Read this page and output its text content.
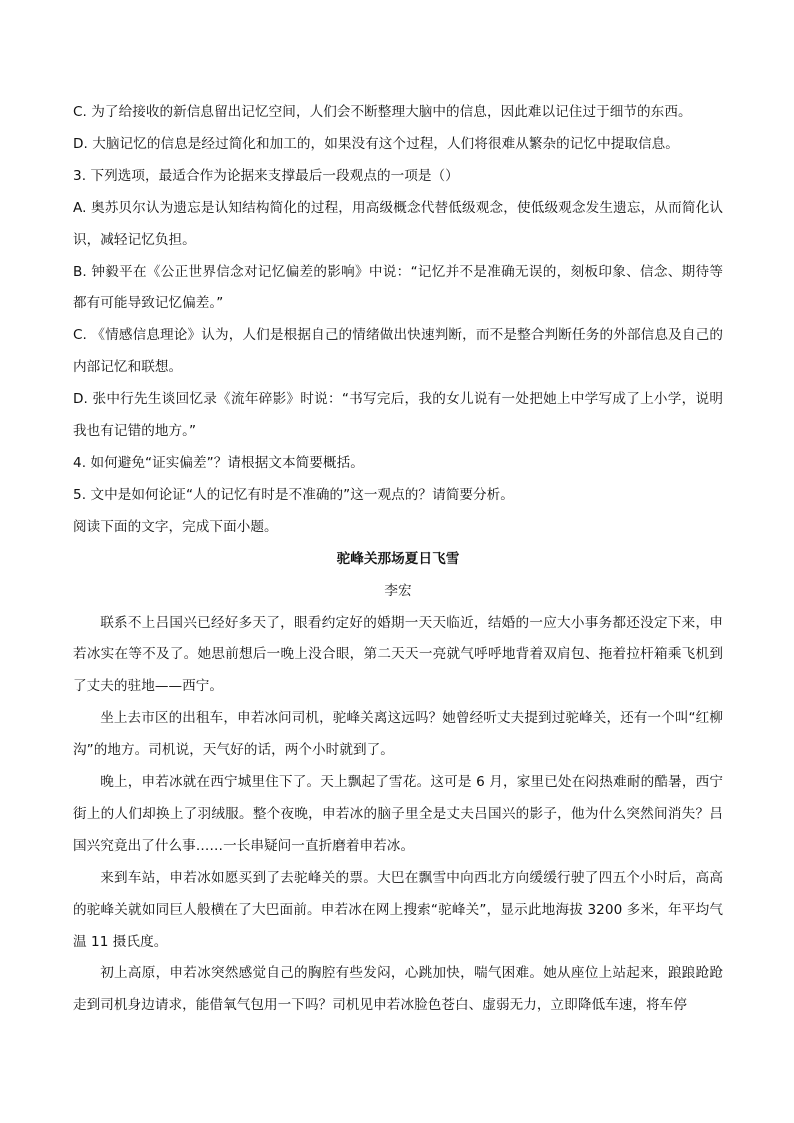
C. 为了给接收的新信息留出记忆空间，人们会不断整理大脑中的信息，因此难以记住过于细节的东西。

D. 大脑记忆的信息是经过简化和加工的，如果没有这个过程，人们将很难从繁杂的记忆中提取信息。

3. 下列选项，最适合作为论据来支撑最后一段观点的一项是（）

A. 奥苏贝尔认为遗忘是认知结构简化的过程，用高级概念代替低级观念，使低级观念发生遗忘，从而简化认识，减轻记忆负担。

B. 钟毅平在《公正世界信念对记忆偏差的影响》中说：“记忆并不是准确无误的，刻板印象、信念、期待等都有可能导致记忆偏差。”

C. 《情感信息理论》认为，人们是根据自己的情绪做出快速判断，而不是整合判断任务的外部信息及自己的内部记忆和联想。

D. 张中行先生谈回忆录《流年碎影》时说：“书写完后，我的女儿说有一处把她上中学写成了上小学，说明我也有记错的地方。”

4. 如何避免“证实偏差”？请根据文本简要概括。

5. 文中是如何论证“人的记忆有时是不准确的”这一观点的？请简要分析。

阅读下面的文字，完成下面小题。

驼峰关那场夏日飞雪

李宏

联系不上吕国兴已经好多天了，眼看约定好的婚期一天天临近，结婚的一应大小事务都还没定下来，申若冰实在等不及了。她思前想后一晚上没合眼，第二天天一亮就气呼呼地背着双肩包、拖着拉杆箱乘飞机到了丈夫的驻地——西宁。

坐上去市区的出租车，申若冰问司机，驼峰关离这远吗？她曾经听丈夫提到过驼峰关，还有一个叫“红柳沟”的地方。司机说，天气好的话，两个小时就到了。

晚上，申若冰就在西宁城里住下了。天上飘起了雪花。这可是 6 月，家里已处在闷热难耐的酷暑，西宁街上的人们却换上了羽绒服。整个夜晚，申若冰的脑子里全是丈夫吕国兴的影子，他为什么突然间消失？吕国兴究竟出了什么事……一长串疑问一直折磨着申若冰。

来到车站，申若冰如愿买到了去驼峰关的票。大巴在飘雪中向西北方向缓缓行驶了四五个小时后，高高的驼峰关就如同巨人般横在了大巴面前。申若冰在网上搜索“驼峰关”，显示此地海拔 3200 多米，年平均气温 11 摄氏度。

初上高原，申若冰突然感觉自己的胸腔有些发闷，心跳加快，喘气困难。她从座位上站起来，踉踉跄跄走到司机身边请求，能借氧气包用一下吗？司机见申若冰脸色苍白、虚弱无力，立即降低车速，将车停
